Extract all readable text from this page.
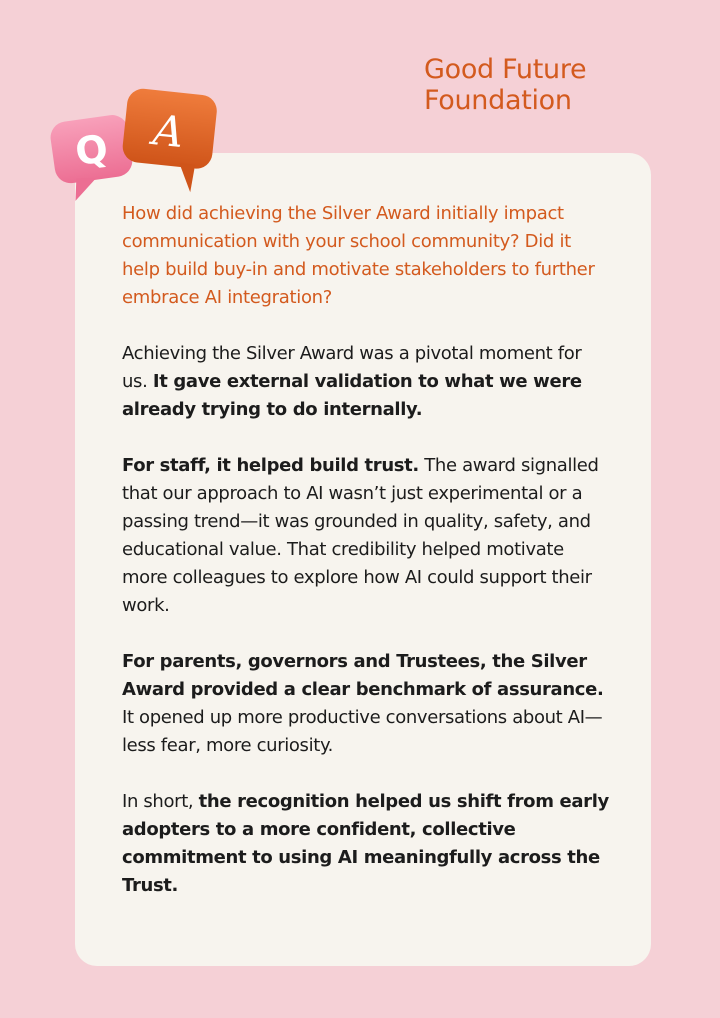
Good Future
Foundation
Q A

How did achieving the Silver Award initially impact communication with your school community? Did it help build buy-in and motivate stakeholders to further embrace AI integration?

Achieving the Silver Award was a pivotal moment for us. It gave external validation to what we were already trying to do internally.

For staff, it helped build trust. The award signalled that our approach to AI wasn’t just experimental or a passing trend—it was grounded in quality, safety, and educational value. That credibility helped motivate more colleagues to explore how AI could support their work.

For parents, governors and Trustees, the Silver Award provided a clear benchmark of assurance. It opened up more productive conversations about AI—less fear, more curiosity.

In short, the recognition helped us shift from early adopters to a more confident, collective commitment to using AI meaningfully across the Trust.
